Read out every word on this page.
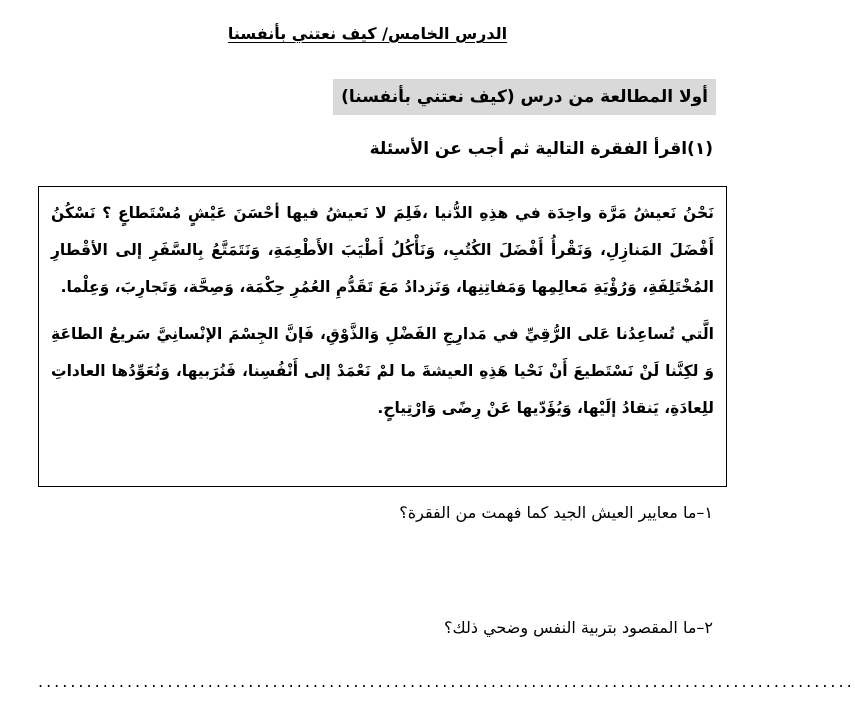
الدرس الخامس/ كيف نعتني بأنفسنا
أولا المطالعة من درس (كيف نعتني بأنفسنا)
(١)اقرأ الفقرة التالية ثم أجب عن الأسئلة

نَحْنُ نَعيشُ مَرَّة واحِدَة في هذِهِ الدُّنيا ،فَلِمَ لا نَعيشُ فيها أحْسَنَ عَيْشٍ مُسْتَطاعٍ ؟ نَسْكُنُ أَفْضَلَ المَنازِلِ، وَنَقْرأُ أَفْضَلَ الكُتُبِ، وَنَأْكُلُ أَطْيَبَ الأَطْعِمَةِ، وَنَتَمَتَّعُ بِالسَّفَرِ إلى الأقْطارِ المُخْتَلِفَةِ، وَرُؤْيَةِ مَعالِمِها وَمَفاتِنِها، وَنَزدادُ مَعَ تَقَدُّمِ العُمُرِ حِكْمَة، وَصِحَّة، وَتَجارِبَ، وَعِلْما.

الَّتي تُساعِدُنا عَلى الرُّقِيِّ في مَدارِجِ الفَضْلِ وَالذَّوْقِ، فَإنَّ الجِسْمَ الإنْسانِيَّ سَريعُ الطاعَةِ وَ لكِنَّنا لَنْ نَسْتَطيعَ أَنْ نَحْيا هَذِهِ العيشةَ ما لمْ نَعْمَدْ إلى أَنْفُسِنا، فَنُرَبيها، وَنُعَوِّدُها العاداتِ للِعادَةِ، يَنقادُ إلَيْها، وَيُؤَدّيها عَنْ رِضًى وَارْتِياحٍ.

١–ما معايير العيش الجيد كما فهمت من الفقرة؟
٢–ما المقصود بتربية النفس وضحي ذلك؟
.....................................................................................................
